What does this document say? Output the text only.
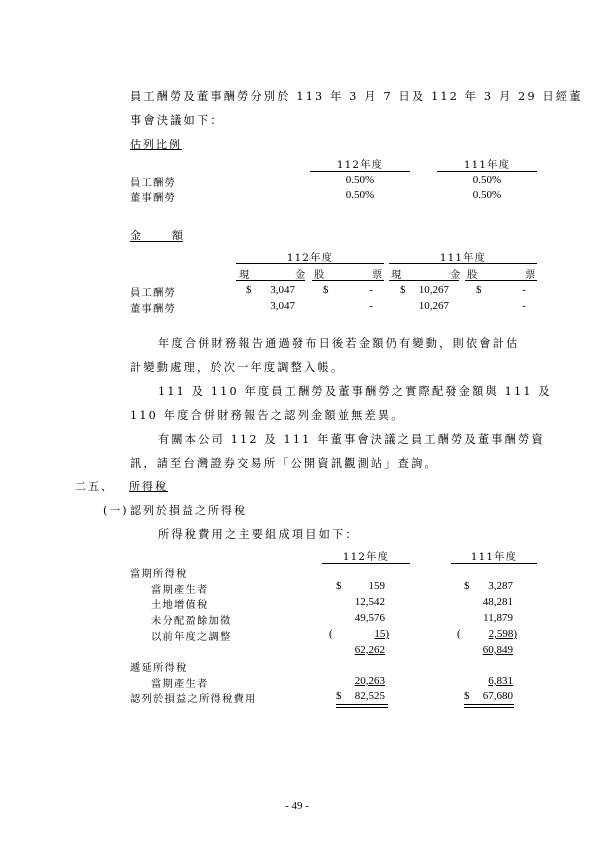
員工酬勞及董事酬勞分別於 113 年 3 月 7 日及 112 年 3 月 29 日經董
事會決議如下：
估列比例
112年度	111年度
員工酬勞	0.50%	0.50%
董事酬勞	0.50%	0.50%
金	額
112年度	111年度
現	金 股	票 現	金 股	票
員工酬勞	$	3,047	$	- $	10,267 $	-
董事酬勞	3,047	-	10,267	-
年度合併財務報告通過發布日後若金額仍有變動，則依會計估
計變動處理，於次一年度調整入帳。
111 及 110 年度員工酬勞及董事酬勞之實際配發金額與 111 及
110 年度合併財務報告之認列金額並無差異。
有關本公司 112 及 111 年董事會決議之員工酬勞及董事酬勞資
訊，請至台灣證券交易所「公開資訊觀測站」查詢。
二五、 所得稅
(一) 認列於損益之所得稅
所得稅費用之主要組成項目如下：
112年度	111年度
當期所得稅
當期產生者	$	159	$	3,287
土地增值稅	12,542	48,281
未分配盈餘加徵	49,576	11,879
以前年度之調整	(	15)	(	2,598)
62,262	60,849
遞延所得稅
當期產生者	20,263	6,831
認列於損益之所得稅費用	$	82,525	$	67,680
- 49 -
